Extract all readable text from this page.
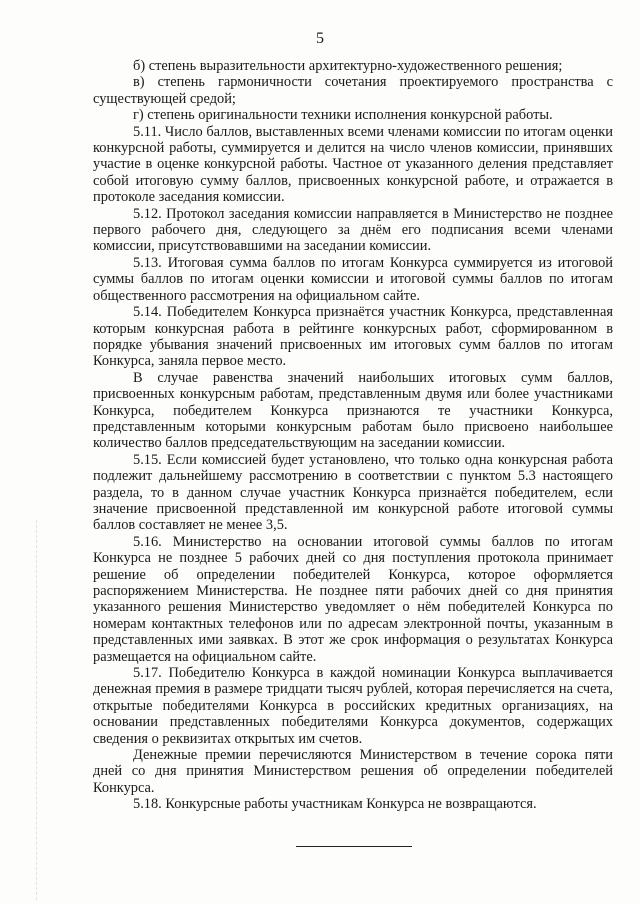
5

б) степень выразительности архитектурно-художественного решения;

в) степень гармоничности сочетания проектируемого пространства с существующей средой;

г) степень оригинальности техники исполнения конкурсной работы.

5.11. Число баллов, выставленных всеми членами комиссии по итогам оценки конкурсной работы, суммируется и делится на число членов комиссии, принявших участие в оценке конкурсной работы. Частное от указанного деления представляет собой итоговую сумму баллов, присвоенных конкурсной работе, и отражается в протоколе заседания комиссии.

5.12. Протокол заседания комиссии направляется в Министерство не позднее первого рабочего дня, следующего за днём его подписания всеми членами комиссии, присутствовавшими на заседании комиссии.

5.13. Итоговая сумма баллов по итогам Конкурса суммируется из итоговой суммы баллов по итогам оценки комиссии и итоговой суммы баллов по итогам общественного рассмотрения на официальном сайте.

5.14. Победителем Конкурса признаётся участник Конкурса, представленная которым конкурсная работа в рейтинге конкурсных работ, сформированном в порядке убывания значений присвоенных им итоговых сумм баллов по итогам Конкурса, заняла первое место.

В случае равенства значений наибольших итоговых сумм баллов, присвоенных конкурсным работам, представленным двумя или более участниками Конкурса, победителем Конкурса признаются те участники Конкурса, представленным которыми конкурсным работам было присвоено наибольшее количество баллов председательствующим на заседании комиссии.

5.15. Если комиссией будет установлено, что только одна конкурсная работа подлежит дальнейшему рассмотрению в соответствии с пунктом 5.3 настоящего раздела, то в данном случае участник Конкурса признаётся победителем, если значение присвоенной представленной им конкурсной работе итоговой суммы баллов составляет не менее 3,5.

5.16. Министерство на основании итоговой суммы баллов по итогам Конкурса не позднее 5 рабочих дней со дня поступления протокола принимает решение об определении победителей Конкурса, которое оформляется распоряжением Министерства. Не позднее пяти рабочих дней со дня принятия указанного решения Министерство уведомляет о нём победителей Конкурса по номерам контактных телефонов или по адресам электронной почты, указанным в представленных ими заявках. В этот же срок информация о результатах Конкурса размещается на официальном сайте.

5.17. Победителю Конкурса в каждой номинации Конкурса выплачивается денежная премия в размере тридцати тысяч рублей, которая перечисляется на счета, открытые победителями Конкурса в российских кредитных организациях, на основании представленных победителями Конкурса документов, содержащих сведения о реквизитах открытых им счетов.

Денежные премии перечисляются Министерством в течение сорока пяти дней со дня принятия Министерством решения об определении победителей Конкурса.

5.18. Конкурсные работы участникам Конкурса не возвращаются.
